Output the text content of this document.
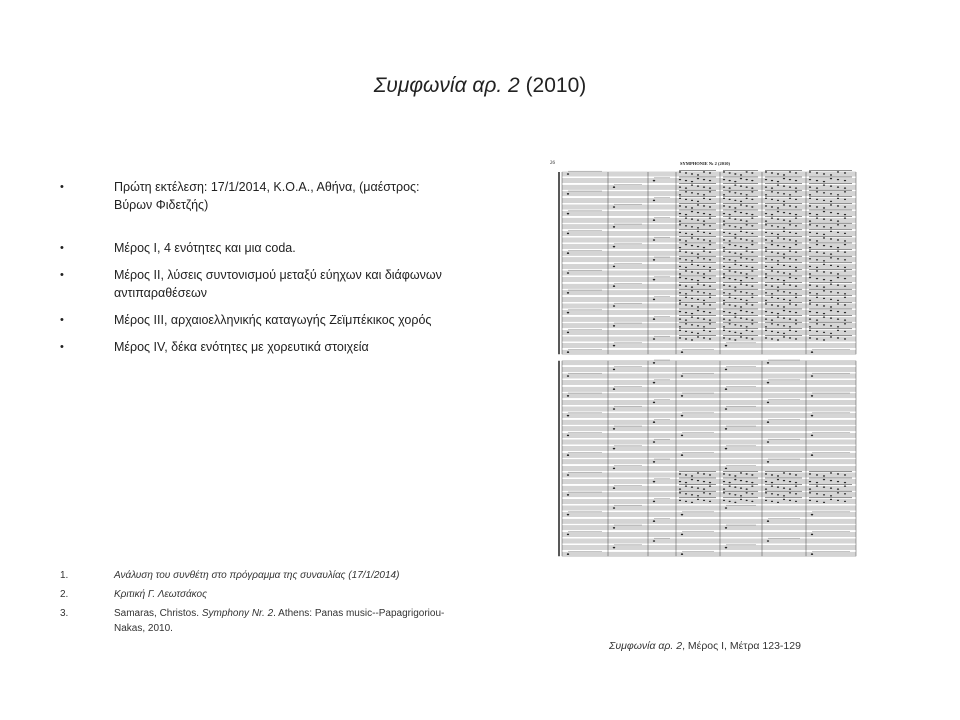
Συμφωνία αρ. 2 (2010)
• Πρώτη εκτέλεση: 17/1/2014, Κ.Ο.Α., Αθήνα, (μαέστρος: Βύρων Φιδετζής)
• Μέρος Ι, 4 ενότητες και μια coda.
• Μέρος ΙΙ, λύσεις συντονισμού μεταξύ εύηχων και διάφωνων αντιπαραθέσεων
• Μέρος ΙΙΙ, αρχαιοελληνικής καταγωγής Ζεϊμπέκικος χορός
• Μέρος IV, δέκα ενότητες με χορευτικά στοιχεία
1.	Ανάλυση του συνθέτη στο πρόγραμμα της συναυλίας (17/1/2014)
2.	Κριτική Γ. Λεωτσάκος
3.	Samaras, Christos. Symphony Nr. 2. Athens: Panas music--Papagrigoriou-Nakas, 2010.
26	SYMPHONIE № 2 (2010)
Συμφωνία αρ. 2, Μέρος Ι, Μέτρα 123-129
